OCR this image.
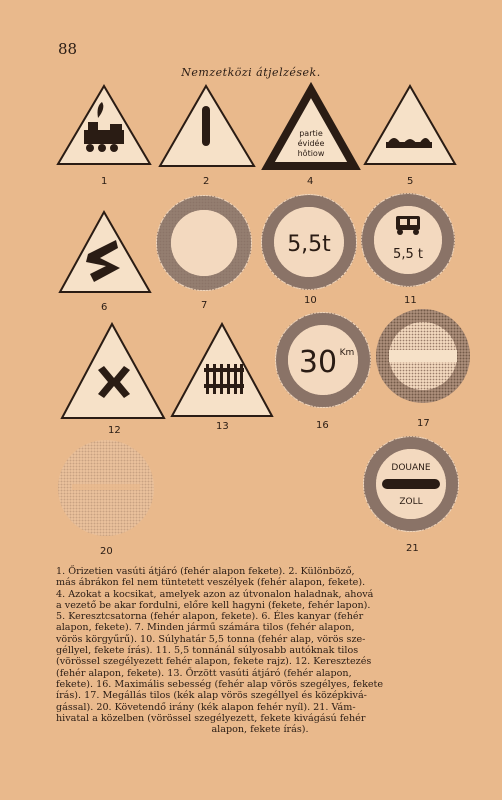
88
Nemzetközi átjelzések.
partie
évidée
hôtiow
5,5t	5,5 t
30 Km
DOUANE
ZOLL
1	2	4	5
6	7	10	11
12	13	16	17
20	21
1. Őrizetien vasúti átjáró (fehér alapon fekete). 2. Különböző,
más ábrákon fel nem tüntetett veszélyek (fehér alapon, fekete).
4. Azokat a kocsikat, amelyek azon az útvonalon haladnak, ahová
a vezető be akar fordulni, előre kell hagyni (fekete, fehér lapon).
5. Keresztcsatorna (fehér alapon, fekete). 6. Éles kanyar (fehér
alapon, fekete). 7. Minden jármű számára tilos (fehér alapon,
vörös körgyűrű). 10. Súlyhatár 5,5 tonna (fehér alap, vörös sze-
géllyel, fekete írás). 11. 5,5 tonnánál súlyosabb autóknak tilos
(vörössel szegélyezett fehér alapon, fekete rajz). 12. Keresztezés
(fehér alapon, fekete). 13. Őrzött vasúti átjáró (fehér alapon,
fekete). 16. Maximális sebesség (fehér alap vörös szegélyes, fekete
írás). 17. Megállás tilos (kék alap vörös szegéllyel és középkivá-
gással). 20. Követendő irány (kék alapon fehér nyíl). 21. Vám-
hivatal a közelben (vörössel szegélyezett, fekete kivágású fehér
alapon, fekete írás).
